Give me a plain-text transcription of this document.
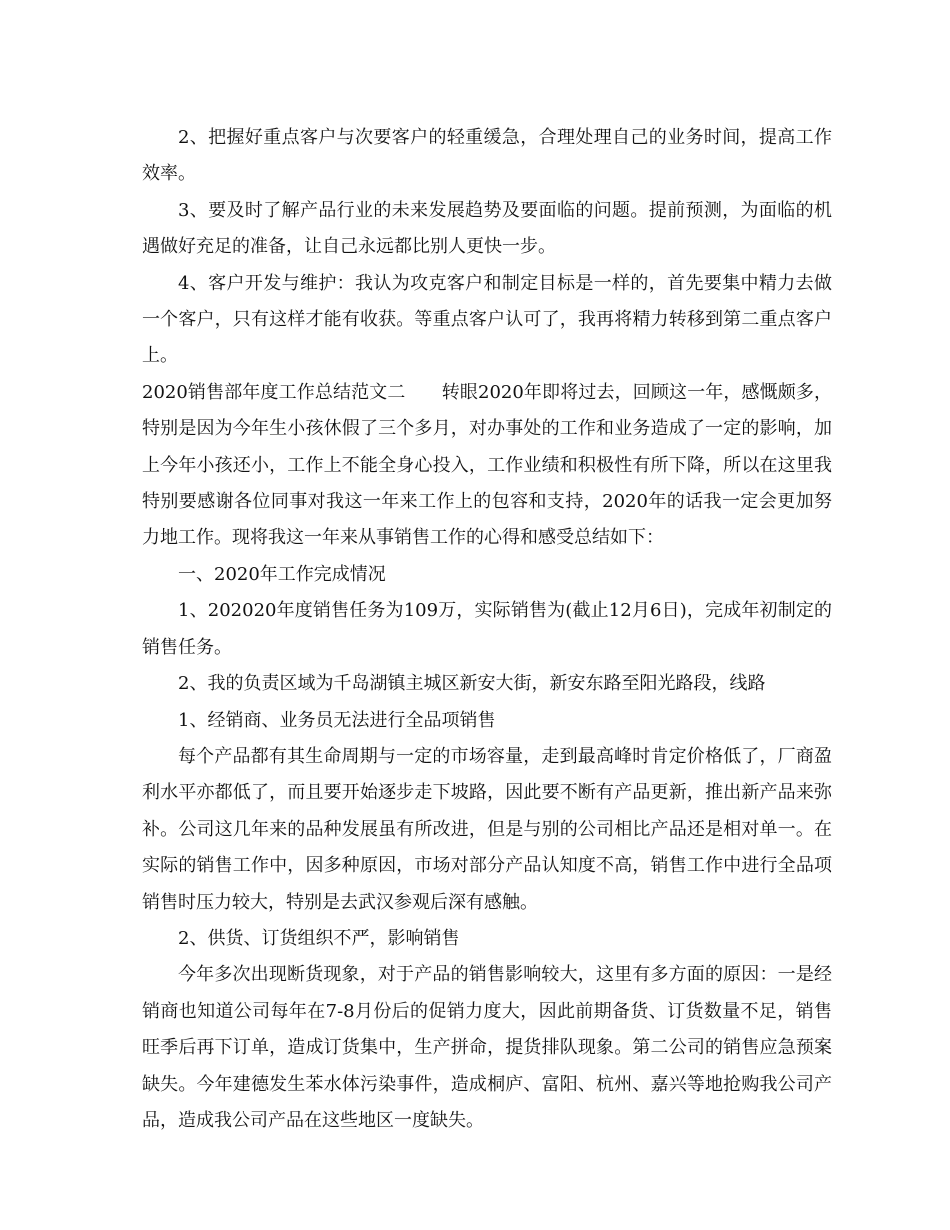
2、把握好重点客户与次要客户的轻重缓急，合理处理自己的业务时间，提高工作效率。

3、要及时了解产品行业的未来发展趋势及要面临的问题。提前预测，为面临的机遇做好充足的准备，让自己永远都比别人更快一步。

4、客户开发与维护：我认为攻克客户和制定目标是一样的，首先要集中精力去做一个客户，只有这样才能有收获。等重点客户认可了，我再将精力转移到第二重点客户上。

2020销售部年度工作总结范文二　　转眼2020年即将过去，回顾这一年，感慨颇多，特别是因为今年生小孩休假了三个多月，对办事处的工作和业务造成了一定的影响，加上今年小孩还小，工作上不能全身心投入，工作业绩和积极性有所下降，所以在这里我特别要感谢各位同事对我这一年来工作上的包容和支持，2020年的话我一定会更加努力地工作。现将我这一年来从事销售工作的心得和感受总结如下：

一、2020年工作完成情况

1、202020年度销售任务为109万，实际销售为(截止12月6日)，完成年初制定的销售任务。

2、我的负责区域为千岛湖镇主城区新安大街，新安东路至阳光路段，线路

1、经销商、业务员无法进行全品项销售

每个产品都有其生命周期与一定的市场容量，走到最高峰时肯定价格低了，厂商盈利水平亦都低了，而且要开始逐步走下坡路，因此要不断有产品更新，推出新产品来弥补。公司这几年来的品种发展虽有所改进，但是与别的公司相比产品还是相对单一。在实际的销售工作中，因多种原因，市场对部分产品认知度不高，销售工作中进行全品项销售时压力较大，特别是去武汉参观后深有感触。

2、供货、订货组织不严，影响销售

今年多次出现断货现象，对于产品的销售影响较大，这里有多方面的原因：一是经销商也知道公司每年在7-8月份后的促销力度大，因此前期备货、订货数量不足，销售旺季后再下订单，造成订货集中，生产拼命，提货排队现象。第二公司的销售应急预案缺失。今年建德发生苯水体污染事件，造成桐庐、富阳、杭州、嘉兴等地抢购我公司产品，造成我公司产品在这些地区一度缺失。
